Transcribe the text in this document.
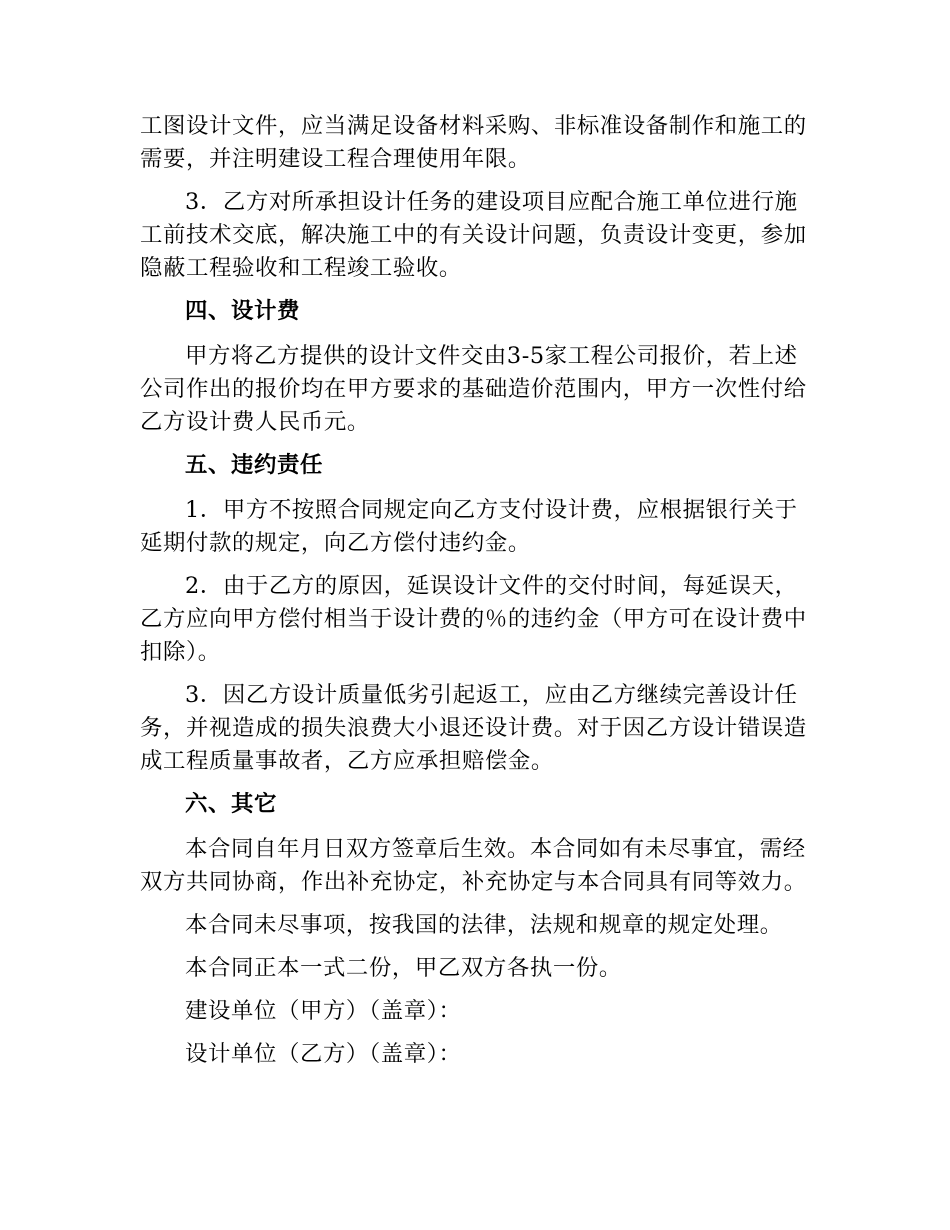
工图设计文件，应当满足设备材料采购、非标准设备制作和施工的需要，并注明建设工程合理使用年限。

3．乙方对所承担设计任务的建设项目应配合施工单位进行施工前技术交底，解决施工中的有关设计问题，负责设计变更，参加隐蔽工程验收和工程竣工验收。

四、设计费

甲方将乙方提供的设计文件交由3-5家工程公司报价，若上述公司作出的报价均在甲方要求的基础造价范围内，甲方一次性付给乙方设计费人民币元。

五、违约责任

1．甲方不按照合同规定向乙方支付设计费，应根据银行关于延期付款的规定，向乙方偿付违约金。

2．由于乙方的原因，延误设计文件的交付时间，每延误天，乙方应向甲方偿付相当于设计费的％的违约金（甲方可在设计费中扣除）。

3．因乙方设计质量低劣引起返工，应由乙方继续完善设计任务，并视造成的损失浪费大小退还设计费。对于因乙方设计错误造成工程质量事故者，乙方应承担赔偿金。

六、其它

本合同自年月日双方签章后生效。本合同如有未尽事宜，需经双方共同协商，作出补充协定，补充协定与本合同具有同等效力。

本合同未尽事项，按我国的法律，法规和规章的规定处理。

本合同正本一式二份，甲乙双方各执一份。

建设单位（甲方）（盖章）：

设计单位（乙方）（盖章）：
